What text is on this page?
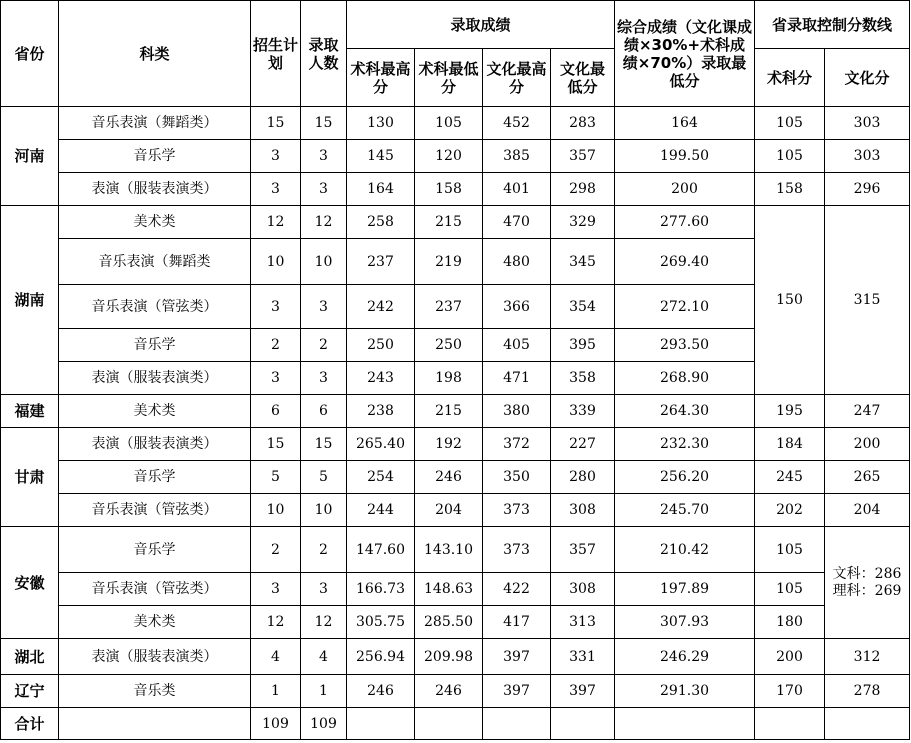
省份	科类	招生计划	录取人数	录取成绩				综合成绩（文化课成绩×30%+术科成绩×70%）录取最低分	省录取控制分数线	
				术科最高分	术科最低分	文化最高分	文化最低分		术科分	文化分
河南	音乐表演（舞蹈类）	15	15	130	105	452	283	164	105	303
	音乐学	3	3	145	120	385	357	199.50	105	303
	表演（服装表演类）	3	3	164	158	401	298	200	158	296
湖南	美术类	12	12	258	215	470	329	277.60	150	315
	音乐表演（舞蹈类	10	10	237	219	480	345	269.40		
	音乐表演（管弦类）	3	3	242	237	366	354	272.10		
	音乐学	2	2	250	250	405	395	293.50		
	表演（服装表演类）	3	3	243	198	471	358	268.90		
福建	美术类	6	6	238	215	380	339	264.30	195	247
甘肃	表演（服装表演类）	15	15	265.40	192	372	227	232.30	184	200
	音乐学	5	5	254	246	350	280	256.20	245	265
	音乐表演（管弦类）	10	10	244	204	373	308	245.70	202	204
安徽	音乐学	2	2	147.60	143.10	373	357	210.42	105	文科：286
理科：269
	音乐表演（管弦类）	3	3	166.73	148.63	422	308	197.89	105	
	美术类	12	12	305.75	285.50	417	313	307.93	180	
湖北	表演（服装表演类）	4	4	256.94	209.98	397	331	246.29	200	312
辽宁	音乐类	1	1	246	246	397	397	291.30	170	278
合计		109	109							
